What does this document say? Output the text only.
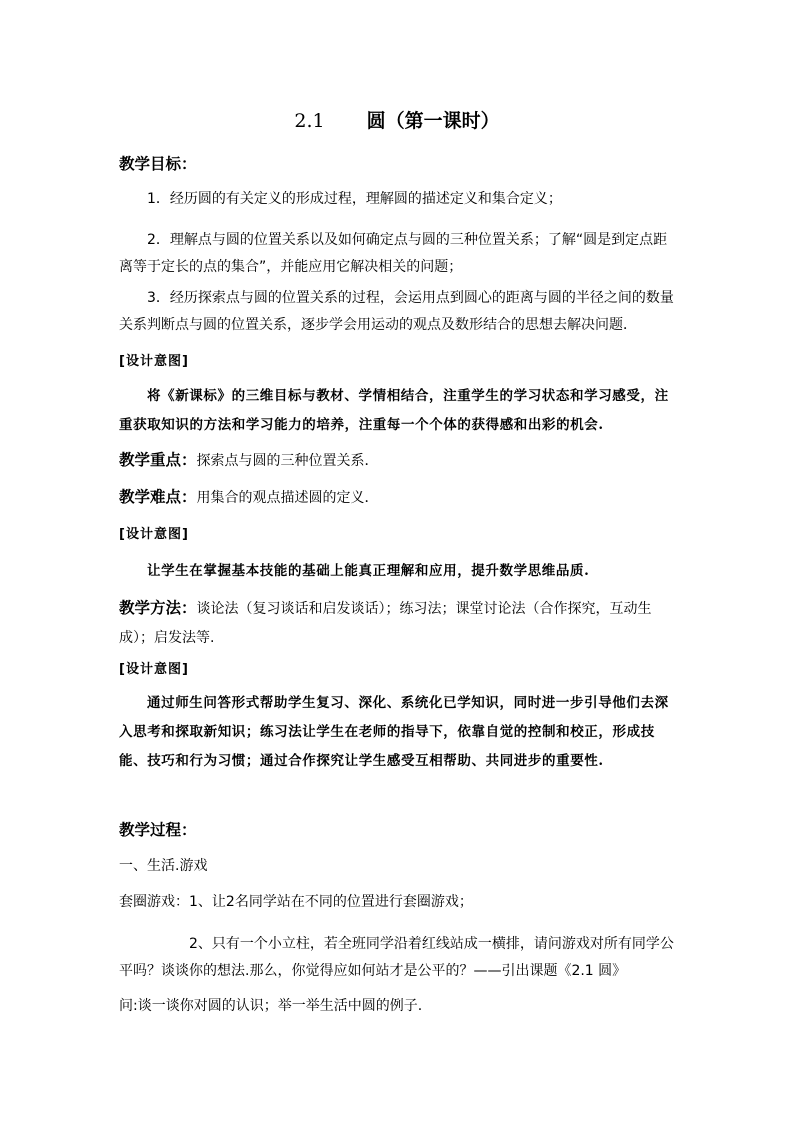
2.1 圆（第一课时）
教学目标：
1．经历圆的有关定义的形成过程，理解圆的描述定义和集合定义；
2．理解点与圆的位置关系以及如何确定点与圆的三种位置关系；了解“圆是到定点距离等于定长的点的集合”，并能应用它解决相关的问题；
3．经历探索点与圆的位置关系的过程，会运用点到圆心的距离与圆的半径之间的数量关系判断点与圆的位置关系，逐步学会用运动的观点及数形结合的思想去解决问题．
[设计意图]
将《新课标》的三维目标与教材、学情相结合，注重学生的学习状态和学习感受，注重获取知识的方法和学习能力的培养，注重每一个个体的获得感和出彩的机会.
教学重点：探索点与圆的三种位置关系．
教学难点：用集合的观点描述圆的定义．
[设计意图]
让学生在掌握基本技能的基础上能真正理解和应用，提升数学思维品质.
教学方法：谈论法（复习谈话和启发谈话）；练习法；课堂讨论法（合作探究，互动生成）；启发法等.
[设计意图]
通过师生问答形式帮助学生复习、深化、系统化已学知识，同时进一步引导他们去深入思考和探取新知识；练习法让学生在老师的指导下，依靠自觉的控制和校正，形成技能、技巧和行为习惯；通过合作探究让学生感受互相帮助、共同进步的重要性.
教学过程：
一、生活.游戏
套圈游戏：1、让2名同学站在不同的位置进行套圈游戏；
2、只有一个小立柱，若全班同学沿着红线站成一横排，请问游戏对所有同学公平吗？谈谈你的想法.那么，你觉得应如何站才是公平的？——引出课题《2.1 圆》
问:谈一谈你对圆的认识；举一举生活中圆的例子.
